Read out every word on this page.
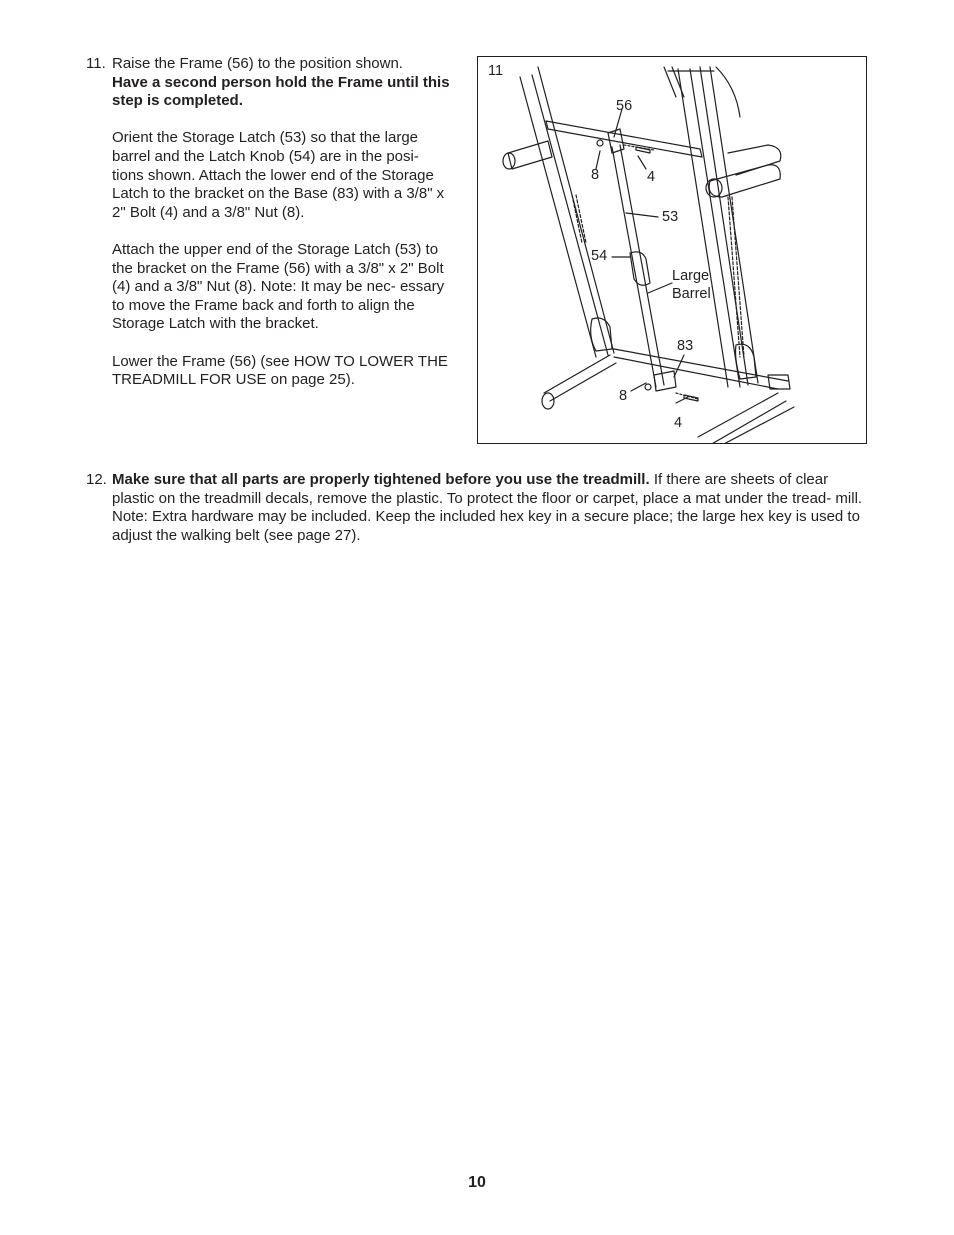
11. Raise the Frame (56) to the position shown.
Have a second person hold the Frame until this step is completed.

Orient the Storage Latch (53) so that the large barrel and the Latch Knob (54) are in the posi- tions shown. Attach the lower end of the Storage Latch to the bracket on the Base (83) with a 3/8" x 2" Bolt (4) and a 3/8" Nut (8).

Attach the upper end of the Storage Latch (53) to the bracket on the Frame (56) with a 3/8" x 2" Bolt (4) and a 3/8" Nut (8). Note: It may be nec- essary to move the Frame back and forth to align the Storage Latch with the bracket.

Lower the Frame (56) (see HOW TO LOWER THE TREADMILL FOR USE on page 25).

11
56
8	4
53
54
Large Barrel
83
8
4
12. Make sure that all parts are properly tightened before you use the treadmill. If there are sheets of clear plastic on the treadmill decals, remove the plastic. To protect the floor or carpet, place a mat under the tread- mill. Note: Extra hardware may be included. Keep the included hex key in a secure place; the large hex key is used to adjust the walking belt (see page 27).
10
